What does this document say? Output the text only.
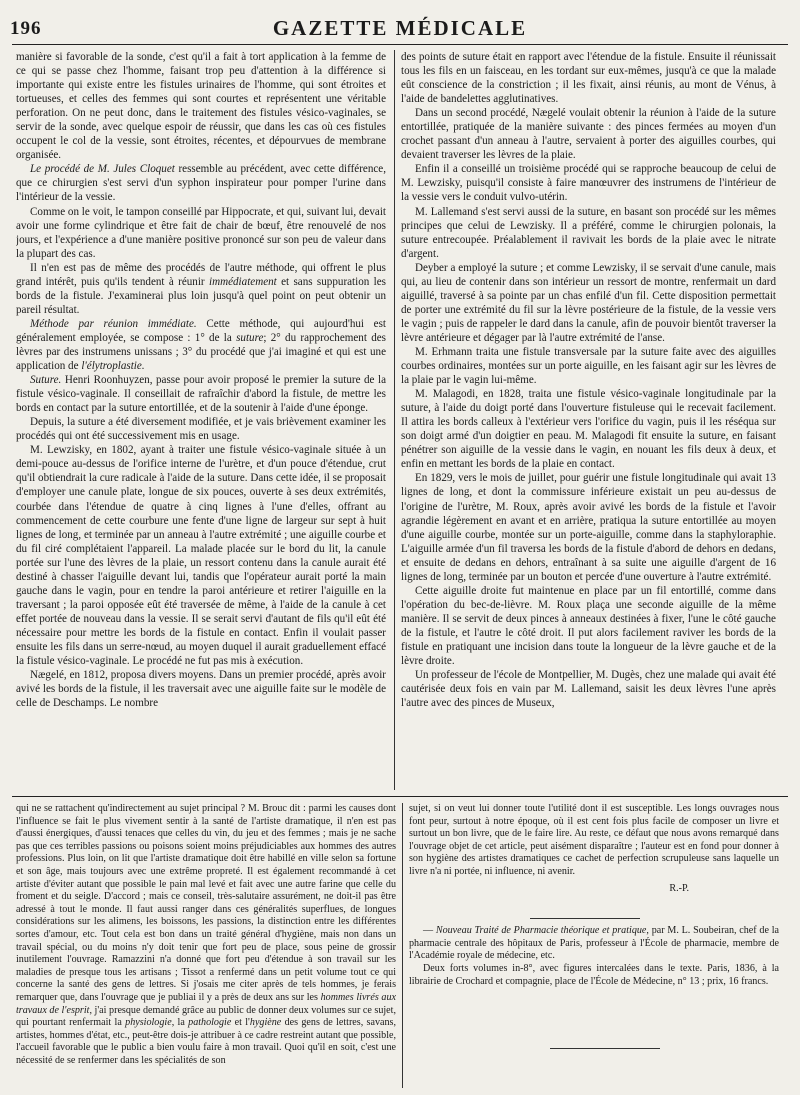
196	GAZETTE MÉDICALE

manière si favorable de la sonde, c'est qu'il a fait à tort application à la femme de ce qui se passe chez l'homme, faisant trop peu d'attention à la différence si importante qui existe entre les fistules urinaires de l'homme, qui sont étroites et tortueuses, et celles des femmes qui sont courtes et représentent une véritable perforation. On ne peut donc, dans le traitement des fistules vésico-vaginales, se servir de la sonde, avec quelque espoir de réussir, que dans les cas où ces fistules occupent le col de la vessie, sont étroites, récentes, et dépourvues de membrane organisée.

Le procédé de M. Jules Cloquet ressemble au précédent, avec cette différence, que ce chirurgien s'est servi d'un syphon inspirateur pour pomper l'urine dans l'intérieur de la vessie.

Comme on le voit, le tampon conseillé par Hippocrate, et qui, suivant lui, devait avoir une forme cylindrique et être fait de chair de bœuf, être renouvelé de nos jours, et l'expérience a d'une manière positive prononcé sur son peu de valeur dans la plupart des cas.

Il n'en est pas de même des procédés de l'autre méthode, qui offrent le plus grand intérêt, puis qu'ils tendent à réunir immédiatement et sans suppuration les bords de la fistule. J'examinerai plus loin jusqu'à quel point on peut obtenir un pareil résultat.

Méthode par réunion immédiate. Cette méthode, qui aujourd'hui est généralement employée, se compose : 1° de la suture; 2° du rapprochement des lèvres par des instrumens unissans ; 3° du procédé que j'ai imaginé et qui est une application de l'élytroplastie.

Suture. Henri Roonhuyzen, passe pour avoir proposé le premier la suture de la fistule vésico-vaginale. Il conseillait de rafraîchir d'abord la fistule, de mettre les bords en contact par la suture entortillée, et de la soutenir à l'aide d'une éponge.

Depuis, la suture a été diversement modifiée, et je vais brièvement examiner les procédés qui ont été successivement mis en usage.

M. Lewzisky, en 1802, ayant à traiter une fistule vésico-vaginale située à un demi-pouce au-dessus de l'orifice interne de l'urètre, et d'un pouce d'étendue, crut qu'il obtiendrait la cure radicale à l'aide de la suture. Dans cette idée, il se proposait d'employer une canule plate, longue de six pouces, ouverte à ses deux extrémités, courbée dans l'étendue de quatre à cinq lignes à l'une d'elles, offrant au commencement de cette courbure une fente d'une ligne de largeur sur sept à huit lignes de long, et terminée par un anneau à l'autre extrémité ; une aiguille courbe et du fil ciré complétaient l'appareil. La malade placée sur le bord du lit, la canule portée sur l'une des lèvres de la plaie, un ressort contenu dans la canule aurait été destiné à chasser l'aiguille devant lui, tandis que l'opérateur aurait porté la main gauche dans le vagin, pour en tendre la paroi antérieure et retirer l'aiguille en la traversant ; la paroi opposée eût été traversée de même, à l'aide de la canule à cet effet portée de nouveau dans la vessie. Il se serait servi d'autant de fils qu'il eût été nécessaire pour mettre les bords de la fistule en contact. Enfin il voulait passer ensuite les fils dans un serre-nœud, au moyen duquel il aurait graduellement effacé la fistule vésico-vaginale. Le procédé ne fut pas mis à exécution.

Nægelé, en 1812, proposa divers moyens. Dans un premier procédé, après avoir avivé les bords de la fistule, il les traversait avec une aiguille faite sur le modèle de celle de Deschamps. Le nombre

des points de suture était en rapport avec l'étendue de la fistule. Ensuite il réunissait tous les fils en un faisceau, en les tordant sur eux-mêmes, jusqu'à ce que la malade eût conscience de la constriction ; il les fixait, ainsi réunis, au mont de Vénus, à l'aide de bandelettes agglutinatives.

Dans un second procédé, Nægelé voulait obtenir la réunion à l'aide de la suture entortillée, pratiquée de la manière suivante : des pinces fermées au moyen d'un crochet passant d'un anneau à l'autre, servaient à porter des aiguilles courbes, qui devaient traverser les lèvres de la plaie.

Enfin il a conseillé un troisième procédé qui se rapproche beaucoup de celui de M. Lewzisky, puisqu'il consiste à faire manœuvrer des instrumens de l'intérieur de la vessie vers le conduit vulvo-utérin.

M. Lallemand s'est servi aussi de la suture, en basant son procédé sur les mêmes principes que celui de Lewzisky. Il a préféré, comme le chirurgien polonais, la suture entrecoupée. Préalablement il ravivait les bords de la plaie avec le nitrate d'argent.

Deyber a employé la suture ; et comme Lewzisky, il se servait d'une canule, mais qui, au lieu de contenir dans son intérieur un ressort de montre, renfermait un dard aiguillé, traversé à sa pointe par un chas enfilé d'un fil. Cette disposition permettait de porter une extrémité du fil sur la lèvre postérieure de la fistule, de la vessie vers le vagin ; puis de rappeler le dard dans la canule, afin de pouvoir bientôt traverser la lèvre antérieure et dégager par là l'autre extrémité de l'anse.

M. Erhmann traita une fistule transversale par la suture faite avec des aiguilles courbes ordinaires, montées sur un porte aiguille, en les faisant agir sur les lèvres de la plaie par le vagin lui-même.

M. Malagodi, en 1828, traita une fistule vésico-vaginale longitudinale par la suture, à l'aide du doigt porté dans l'ouverture fistuleuse qui le recevait facilement. Il attira les bords calleux à l'extérieur vers l'orifice du vagin, puis il les réséqua sur son doigt armé d'un doigtier en peau. M. Malagodi fit ensuite la suture, en faisant pénétrer son aiguille de la vessie dans le vagin, en nouant les fils deux à deux, et enfin en mettant les bords de la plaie en contact.

En 1829, vers le mois de juillet, pour guérir une fistule longitudinale qui avait 13 lignes de long, et dont la commissure inférieure existait un peu au-dessus de l'origine de l'urètre, M. Roux, après avoir avivé les bords de la fistule et l'avoir agrandie légèrement en avant et en arrière, pratiqua la suture entortillée au moyen d'une aiguille courbe, montée sur un porte-aiguille, comme dans la staphyloraphie. L'aiguille armée d'un fil traversa les bords de la fistule d'abord de dehors en dedans, et ensuite de dedans en dehors, entraînant à sa suite une aiguille d'argent de 16 lignes de long, terminée par un bouton et percée d'une ouverture à l'autre extrémité.

Cette aiguille droite fut maintenue en place par un fil entortillé, comme dans l'opération du bec-de-lièvre. M. Roux plaça une seconde aiguille de la même manière. Il se servit de deux pinces à anneaux destinées à fixer, l'une le côté gauche de la fistule, et l'autre le côté droit. Il put alors facilement raviver les bords de la fistule en pratiquant une incision dans toute la longueur de la lèvre gauche et de la lèvre droite.

Un professeur de l'école de Montpellier, M. Dugès, chez une malade qui avait été cautérisée deux fois en vain par M. Lallemand, saisit les deux lèvres l'une après l'autre avec des pinces de Museux,

qui ne se rattachent qu'indirectement au sujet principal ? M. Brouc dit : parmi les causes dont l'influence se fait le plus vivement sentir à la santé de l'artiste dramatique, il n'en est pas d'aussi énergiques, d'aussi tenaces que celles du vin, du jeu et des femmes ; mais je ne sache pas que ces terribles passions ou poisons soient moins préjudiciables aux hommes des autres professions. Plus loin, on lit que l'artiste dramatique doit être habillé en ville selon sa fortune et son âge, mais toujours avec une extrême propreté. Il est également recommandé à cet artiste d'éviter autant que possible le pain mal levé et fait avec une autre farine que celle du froment et du seigle. D'accord ; mais ce conseil, très-salutaire assurément, ne doit-il pas être adressé à tout le monde. Il faut aussi ranger dans ces généralités superflues, de longues considérations sur les alimens, les boissons, les passions, la distinction entre les différentes sortes d'amour, etc. Tout cela est bon dans un traité général d'hygiène, mais non dans un travail spécial, ou du moins n'y doit tenir que fort peu de place, sous peine de grossir inutilement l'ouvrage. Ramazzini n'a donné que fort peu d'étendue à son travail sur les maladies de presque tous les artisans ; Tissot a renfermé dans un petit volume tout ce qui concerne la santé des gens de lettres. Si j'osais me citer après de tels hommes, je ferais remarquer que, dans l'ouvrage que je publiai il y a près de deux ans sur les hommes livrés aux travaux de l'esprit, j'ai presque demandé grâce au public de donner deux volumes sur ce sujet, qui pourtant renfermait la physiologie, la pathologie et l'hygiène des gens de lettres, savans, artistes, hommes d'état, etc., peut-être dois-je attribuer à ce cadre restreint autant que possible, l'accueil favorable que le public a bien voulu faire à mon travail. Quoi qu'il en soit, c'est une nécessité de se renfermer dans les spécialités de son

sujet, si on veut lui donner toute l'utilité dont il est susceptible. Les longs ouvrages nous font peur, surtout à notre époque, où il est cent fois plus facile de composer un livre et surtout un bon livre, que de le faire lire. Au reste, ce défaut que nous avons remarqué dans l'ouvrage objet de cet article, peut aisément disparaître ; l'auteur est en fond pour donner à son hygiène des artistes dramatiques ce cachet de perfection scrupuleuse sans laquelle un livre n'a ni portée, ni influence, ni avenir.

R.-P.

— Nouveau Traité de Pharmacie théorique et pratique, par M. L. Soubeiran, chef de la pharmacie centrale des hôpitaux de Paris, professeur à l'École de pharmacie, membre de l'Académie royale de médecine, etc.

Deux forts volumes in-8°, avec figures intercalées dans le texte. Paris, 1836, à la librairie de Crochard et compagnie, place de l'École de Médecine, n° 13 ; prix, 16 francs.
